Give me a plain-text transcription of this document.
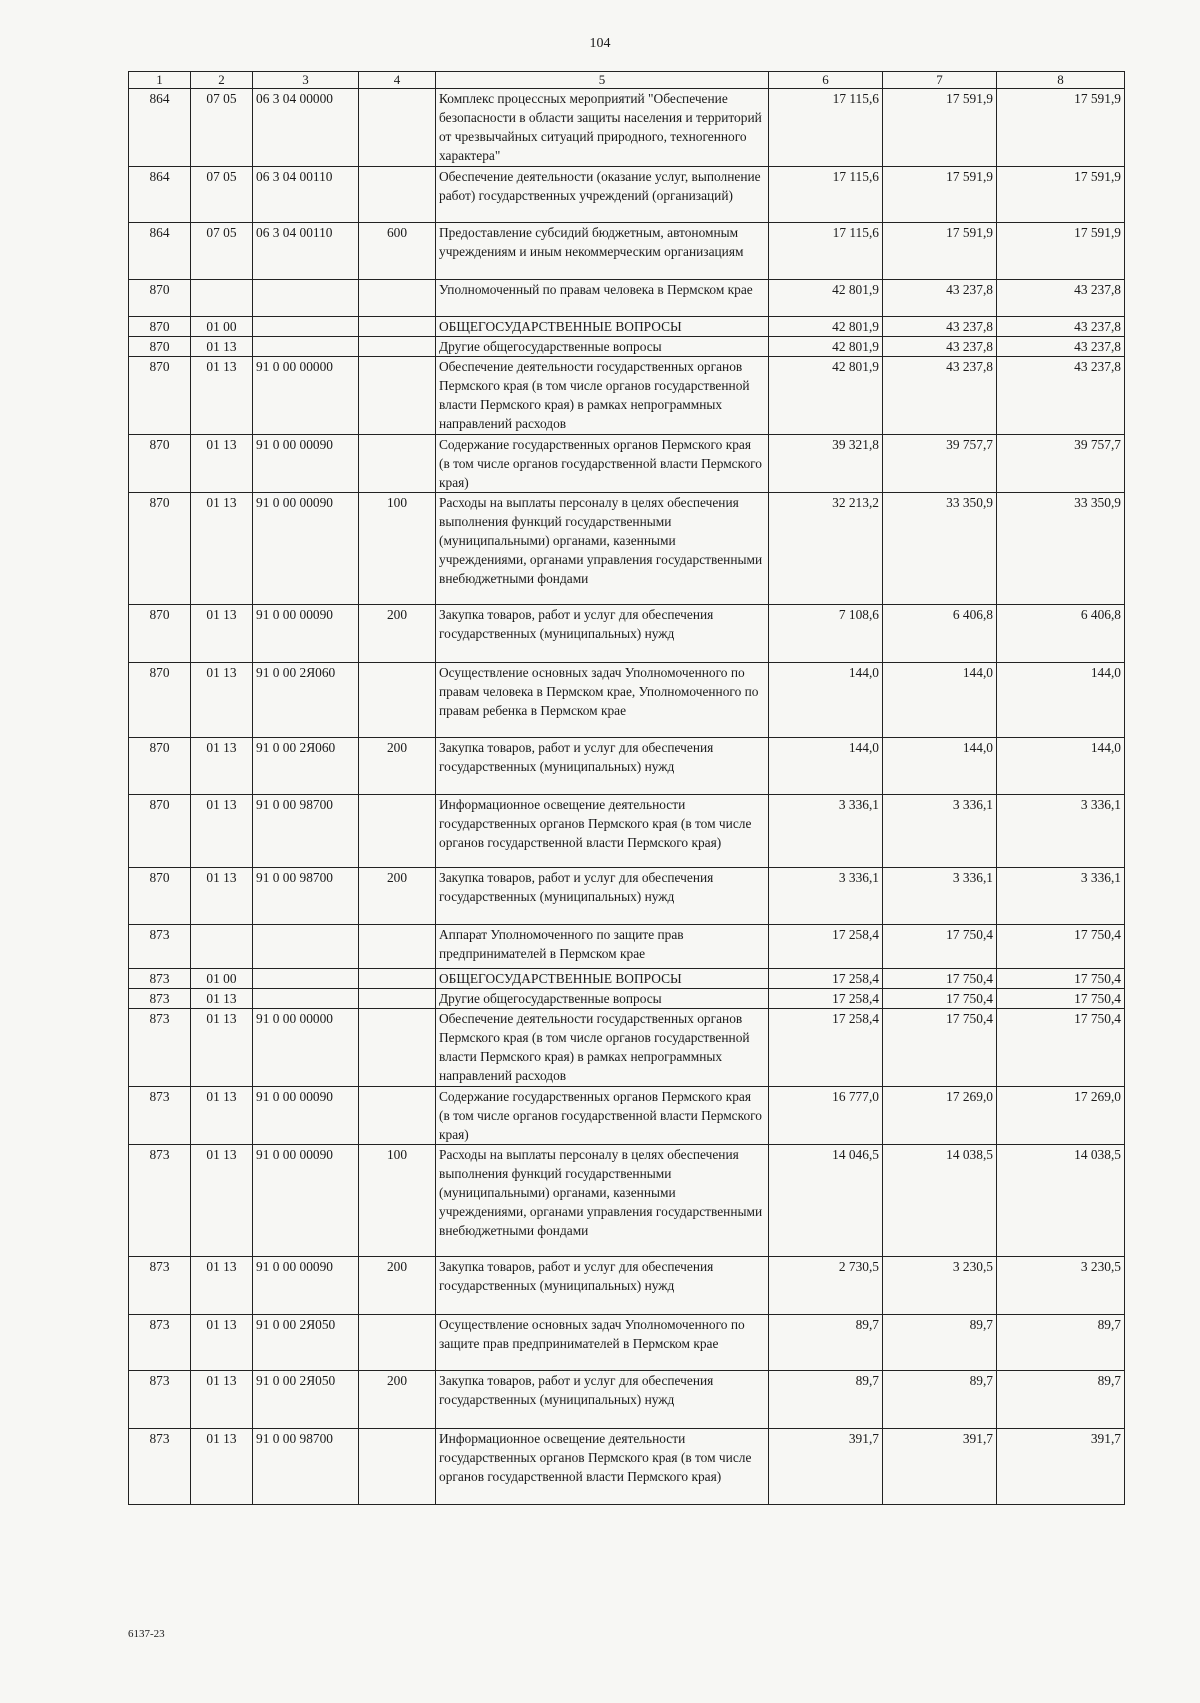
104
1	2	3	4	5	6	7	8
864	07 05	06 3 04 00000		Комплекс процессных мероприятий "Обеспечение безопасности в области защиты населения и территорий от чрезвычайных ситуаций природного, техногенного характера"	17 115,6	17 591,9	17 591,9
864	07 05	06 3 04 00110		Обеспечение деятельности (оказание услуг, выполнение работ) государственных учреждений (организаций)	17 115,6	17 591,9	17 591,9
864	07 05	06 3 04 00110	600	Предоставление субсидий бюджетным, автономным учреждениям и иным некоммерческим организациям	17 115,6	17 591,9	17 591,9
870				Уполномоченный по правам человека в Пермском крае	42 801,9	43 237,8	43 237,8
870	01 00			ОБЩЕГОСУДАРСТВЕННЫЕ ВОПРОСЫ	42 801,9	43 237,8	43 237,8
870	01 13			Другие общегосударственные вопросы	42 801,9	43 237,8	43 237,8
870	01 13	91 0 00 00000		Обеспечение деятельности государственных органов Пермского края (в том числе органов государственной власти Пермского края) в рамках непрограммных направлений расходов	42 801,9	43 237,8	43 237,8
870	01 13	91 0 00 00090		Содержание государственных органов Пермского края (в том числе органов государственной власти Пермского края)	39 321,8	39 757,7	39 757,7
870	01 13	91 0 00 00090	100	Расходы на выплаты персоналу в целях обеспечения выполнения функций государственными (муниципальными) органами, казенными учреждениями, органами управления государственными внебюджетными фондами	32 213,2	33 350,9	33 350,9
870	01 13	91 0 00 00090	200	Закупка товаров, работ и услуг для обеспечения государственных (муниципальных) нужд	7 108,6	6 406,8	6 406,8
870	01 13	91 0 00 2Я060		Осуществление основных задач Уполномоченного по правам человека в Пермском крае, Уполномоченного по правам ребенка в Пермском крае	144,0	144,0	144,0
870	01 13	91 0 00 2Я060	200	Закупка товаров, работ и услуг для обеспечения государственных (муниципальных) нужд	144,0	144,0	144,0
870	01 13	91 0 00 98700		Информационное освещение деятельности государственных органов Пермского края (в том числе органов государственной власти Пермского края)	3 336,1	3 336,1	3 336,1
870	01 13	91 0 00 98700	200	Закупка товаров, работ и услуг для обеспечения государственных (муниципальных) нужд	3 336,1	3 336,1	3 336,1
873				Аппарат Уполномоченного по защите прав предпринимателей в Пермском крае	17 258,4	17 750,4	17 750,4
873	01 00			ОБЩЕГОСУДАРСТВЕННЫЕ ВОПРОСЫ	17 258,4	17 750,4	17 750,4
873	01 13			Другие общегосударственные вопросы	17 258,4	17 750,4	17 750,4
873	01 13	91 0 00 00000		Обеспечение деятельности государственных органов Пермского края (в том числе органов государственной власти Пермского края) в рамках непрограммных направлений расходов	17 258,4	17 750,4	17 750,4
873	01 13	91 0 00 00090		Содержание государственных органов Пермского края (в том числе органов государственной власти Пермского края)	16 777,0	17 269,0	17 269,0
873	01 13	91 0 00 00090	100	Расходы на выплаты персоналу в целях обеспечения выполнения функций государственными (муниципальными) органами, казенными учреждениями, органами управления государственными внебюджетными фондами	14 046,5	14 038,5	14 038,5
873	01 13	91 0 00 00090	200	Закупка товаров, работ и услуг для обеспечения государственных (муниципальных) нужд	2 730,5	3 230,5	3 230,5
873	01 13	91 0 00 2Я050		Осуществление основных задач Уполномоченного по защите прав предпринимателей в Пермском крае	89,7	89,7	89,7
873	01 13	91 0 00 2Я050	200	Закупка товаров, работ и услуг для обеспечения государственных (муниципальных) нужд	89,7	89,7	89,7
873	01 13	91 0 00 98700		Информационное освещение деятельности государственных органов Пермского края (в том числе органов государственной власти Пермского края)	391,7	391,7	391,7
6137-23
